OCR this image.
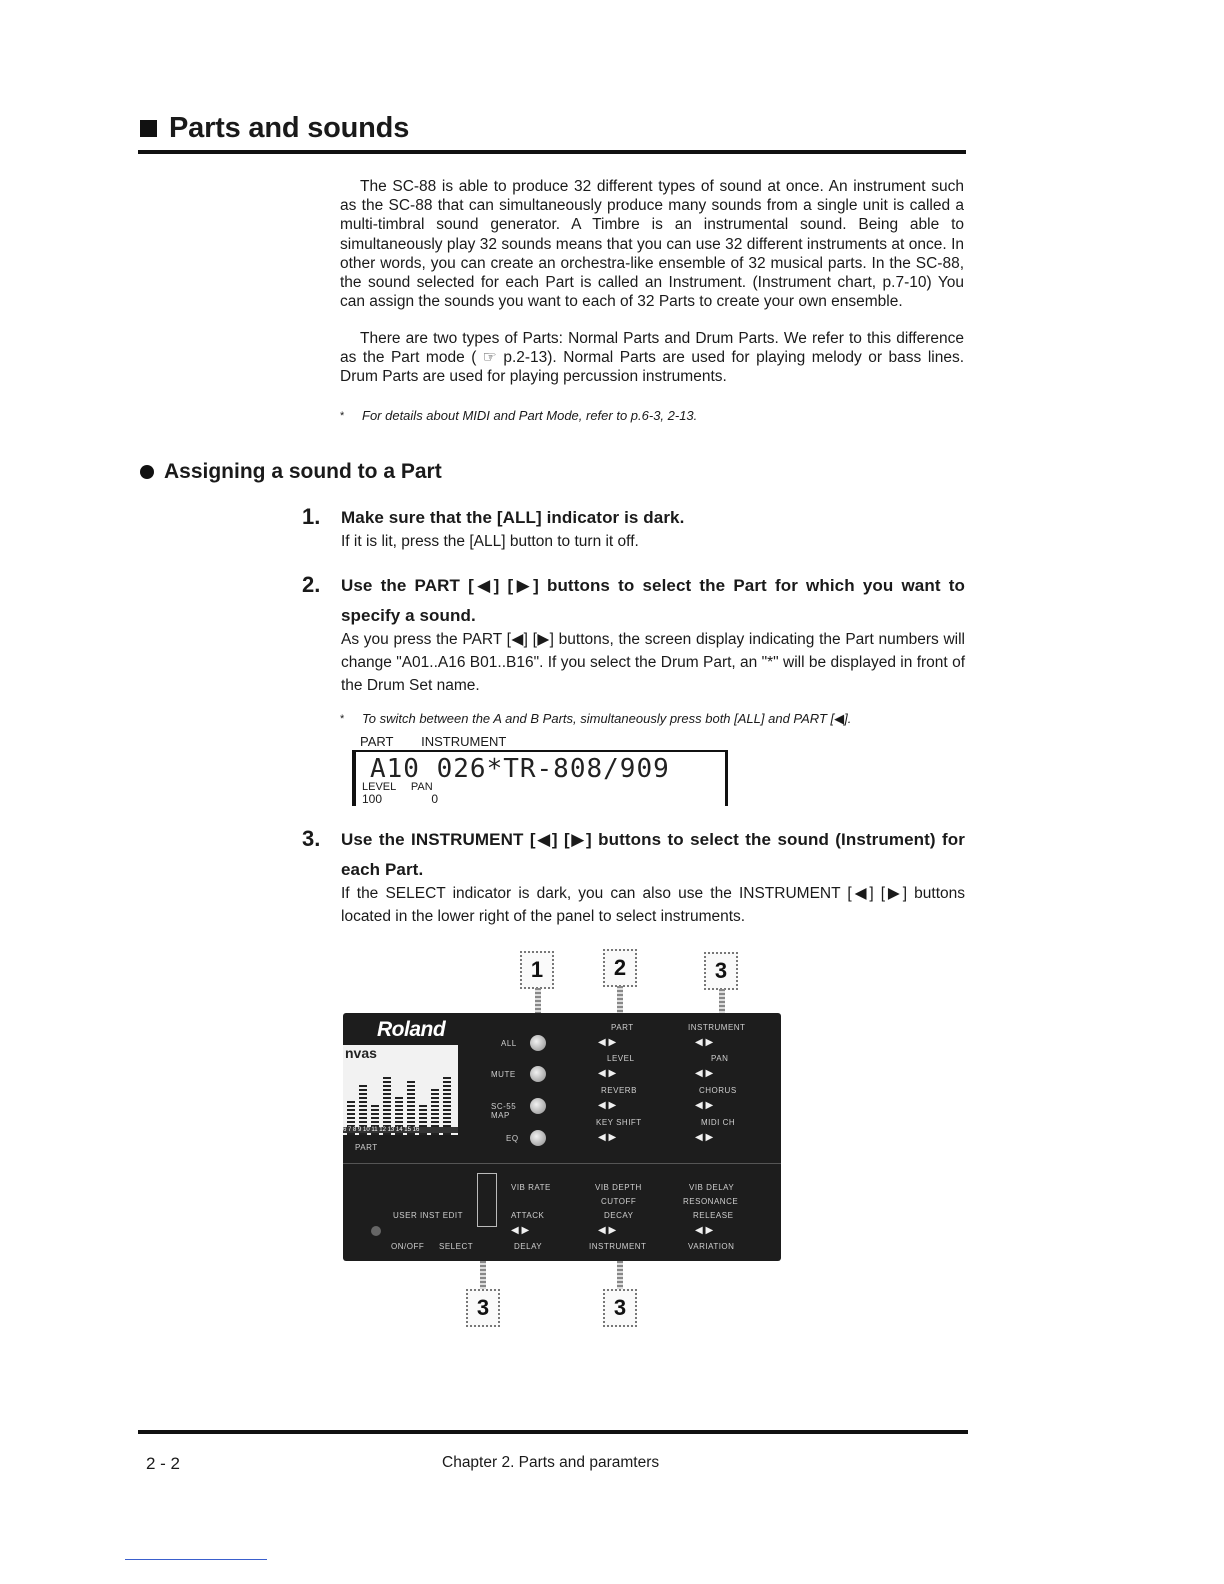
Parts and sounds
The SC-88 is able to produce 32 different types of sound at once. An instrument such as the SC-88 that can simultaneously produce many sounds from a single unit is called a multi-timbral sound generator. A Timbre is an instrumental sound. Being able to simultaneously play 32 sounds means that you can use 32 different instruments at once. In other words, you can create an orchestra-like ensemble of 32 musical parts. In the SC-88, the sound selected for each Part is called an Instrument. (Instrument chart, p.7-10) You can assign the sounds you want to each of 32 Parts to create your own ensemble.
There are two types of Parts: Normal Parts and Drum Parts. We refer to this difference as the Part mode ( ☞ p.2-13). Normal Parts are used for playing melody or bass lines. Drum Parts are used for playing percussion instruments.
* For details about MIDI and Part Mode, refer to p.6-3, 2-13.
Assigning a sound to a Part
1. Make sure that the [ALL] indicator is dark.
If it is lit, press the [ALL] button to turn it off.
2. Use the PART [◀] [▶] buttons to select the Part for which you want to specify a sound.
As you press the PART [◀] [▶] buttons, the screen display indicating the Part numbers will change "A01..A16 B01..B16". If you select the Drum Part, an "*" will be displayed in front of the Drum Set name.
* To switch between the A and B Parts, simultaneously press both [ALL] and PART [◀].
PART INSTRUMENT
A10 026*TR-808/909
LEVEL PAN
100	0
3. Use the INSTRUMENT [◀] [▶] buttons to select the sound (Instrument) for each Part.
If the SELECT indicator is dark, you can also use the INSTRUMENT [◀] [▶] buttons located in the lower right of the panel to select instruments.
1	2	3
Roland
nvas
6 7 8 9 10 11 12 13 14 15 16
PART
ALL
MUTE
SC-55 MAP
EQ
PART
◀ ▶
LEVEL
◀ ▶
REVERB
◀ ▶
KEY SHIFT
◀ ▶
INSTRUMENT
◀ ▶
PAN
◀ ▶
CHORUS
◀ ▶
MIDI CH
◀ ▶
USER INST EDIT
ON/OFF SELECT
VIB RATE
ATTACK
◀ ▶
DELAY
VIB DEPTH
CUTOFF
DECAY
◀ ▶
INSTRUMENT
VIB DELAY
RESONANCE
RELEASE
◀ ▶
VARIATION
3	3
2 - 2	Chapter 2. Parts and paramters
